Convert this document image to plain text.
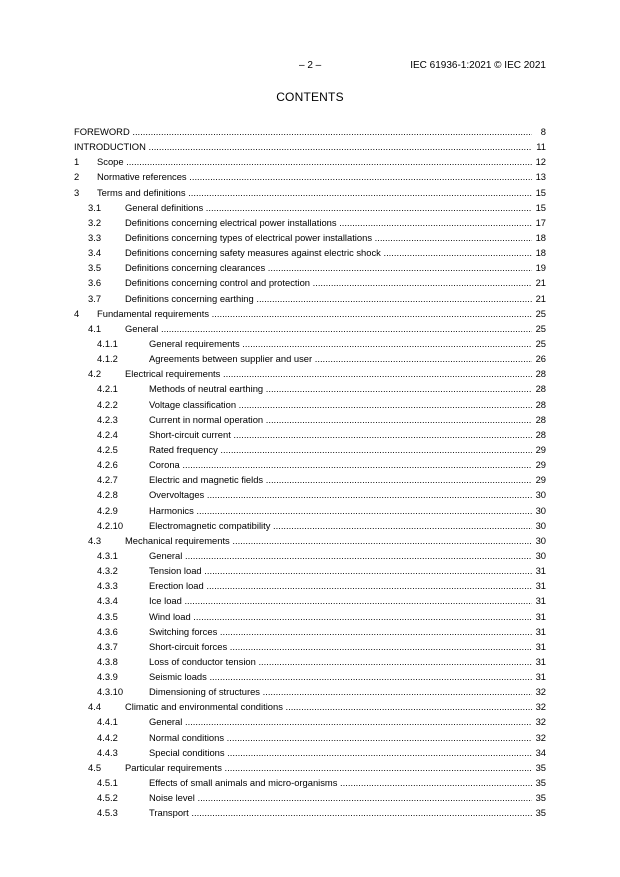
– 2 –	IEC 61936-1:2021 © IEC 2021
CONTENTS
FOREWORD .....	8
INTRODUCTION .....	11
1 Scope .....	12
2 Normative references .....	13
3 Terms and definitions .....	15
3.1	General definitions .....	15
3.2	Definitions concerning electrical power installations .....	17
3.3	Definitions concerning types of electrical power installations .....	18
3.4	Definitions concerning safety measures against electric shock .....	18
3.5	Definitions concerning clearances .....	19
3.6	Definitions concerning control and protection .....	21
3.7	Definitions concerning earthing .....	21
4 Fundamental requirements .....	25
4.1	General .....	25
4.1.1	General requirements .....	25
4.1.2	Agreements between supplier and user .....	26
4.2	Electrical requirements .....	28
4.2.1	Methods of neutral earthing .....	28
4.2.2	Voltage classification .....	28
4.2.3	Current in normal operation .....	28
4.2.4	Short-circuit current .....	28
4.2.5	Rated frequency .....	29
4.2.6	Corona .....	29
4.2.7	Electric and magnetic fields .....	29
4.2.8	Overvoltages .....	30
4.2.9	Harmonics .....	30
4.2.10	Electromagnetic compatibility .....	30
4.3	Mechanical requirements .....	30
4.3.1	General .....	30
4.3.2	Tension load .....	31
4.3.3	Erection load .....	31
4.3.4	Ice load .....	31
4.3.5	Wind load .....	31
4.3.6	Switching forces .....	31
4.3.7	Short-circuit forces .....	31
4.3.8	Loss of conductor tension .....	31
4.3.9	Seismic loads .....	31
4.3.10	Dimensioning of structures .....	32
4.4	Climatic and environmental conditions .....	32
4.4.1	General .....	32
4.4.2	Normal conditions .....	32
4.4.3	Special conditions .....	34
4.5	Particular requirements .....	35
4.5.1	Effects of small animals and micro-organisms .....	35
4.5.2	Noise level .....	35
4.5.3	Transport .....	35
